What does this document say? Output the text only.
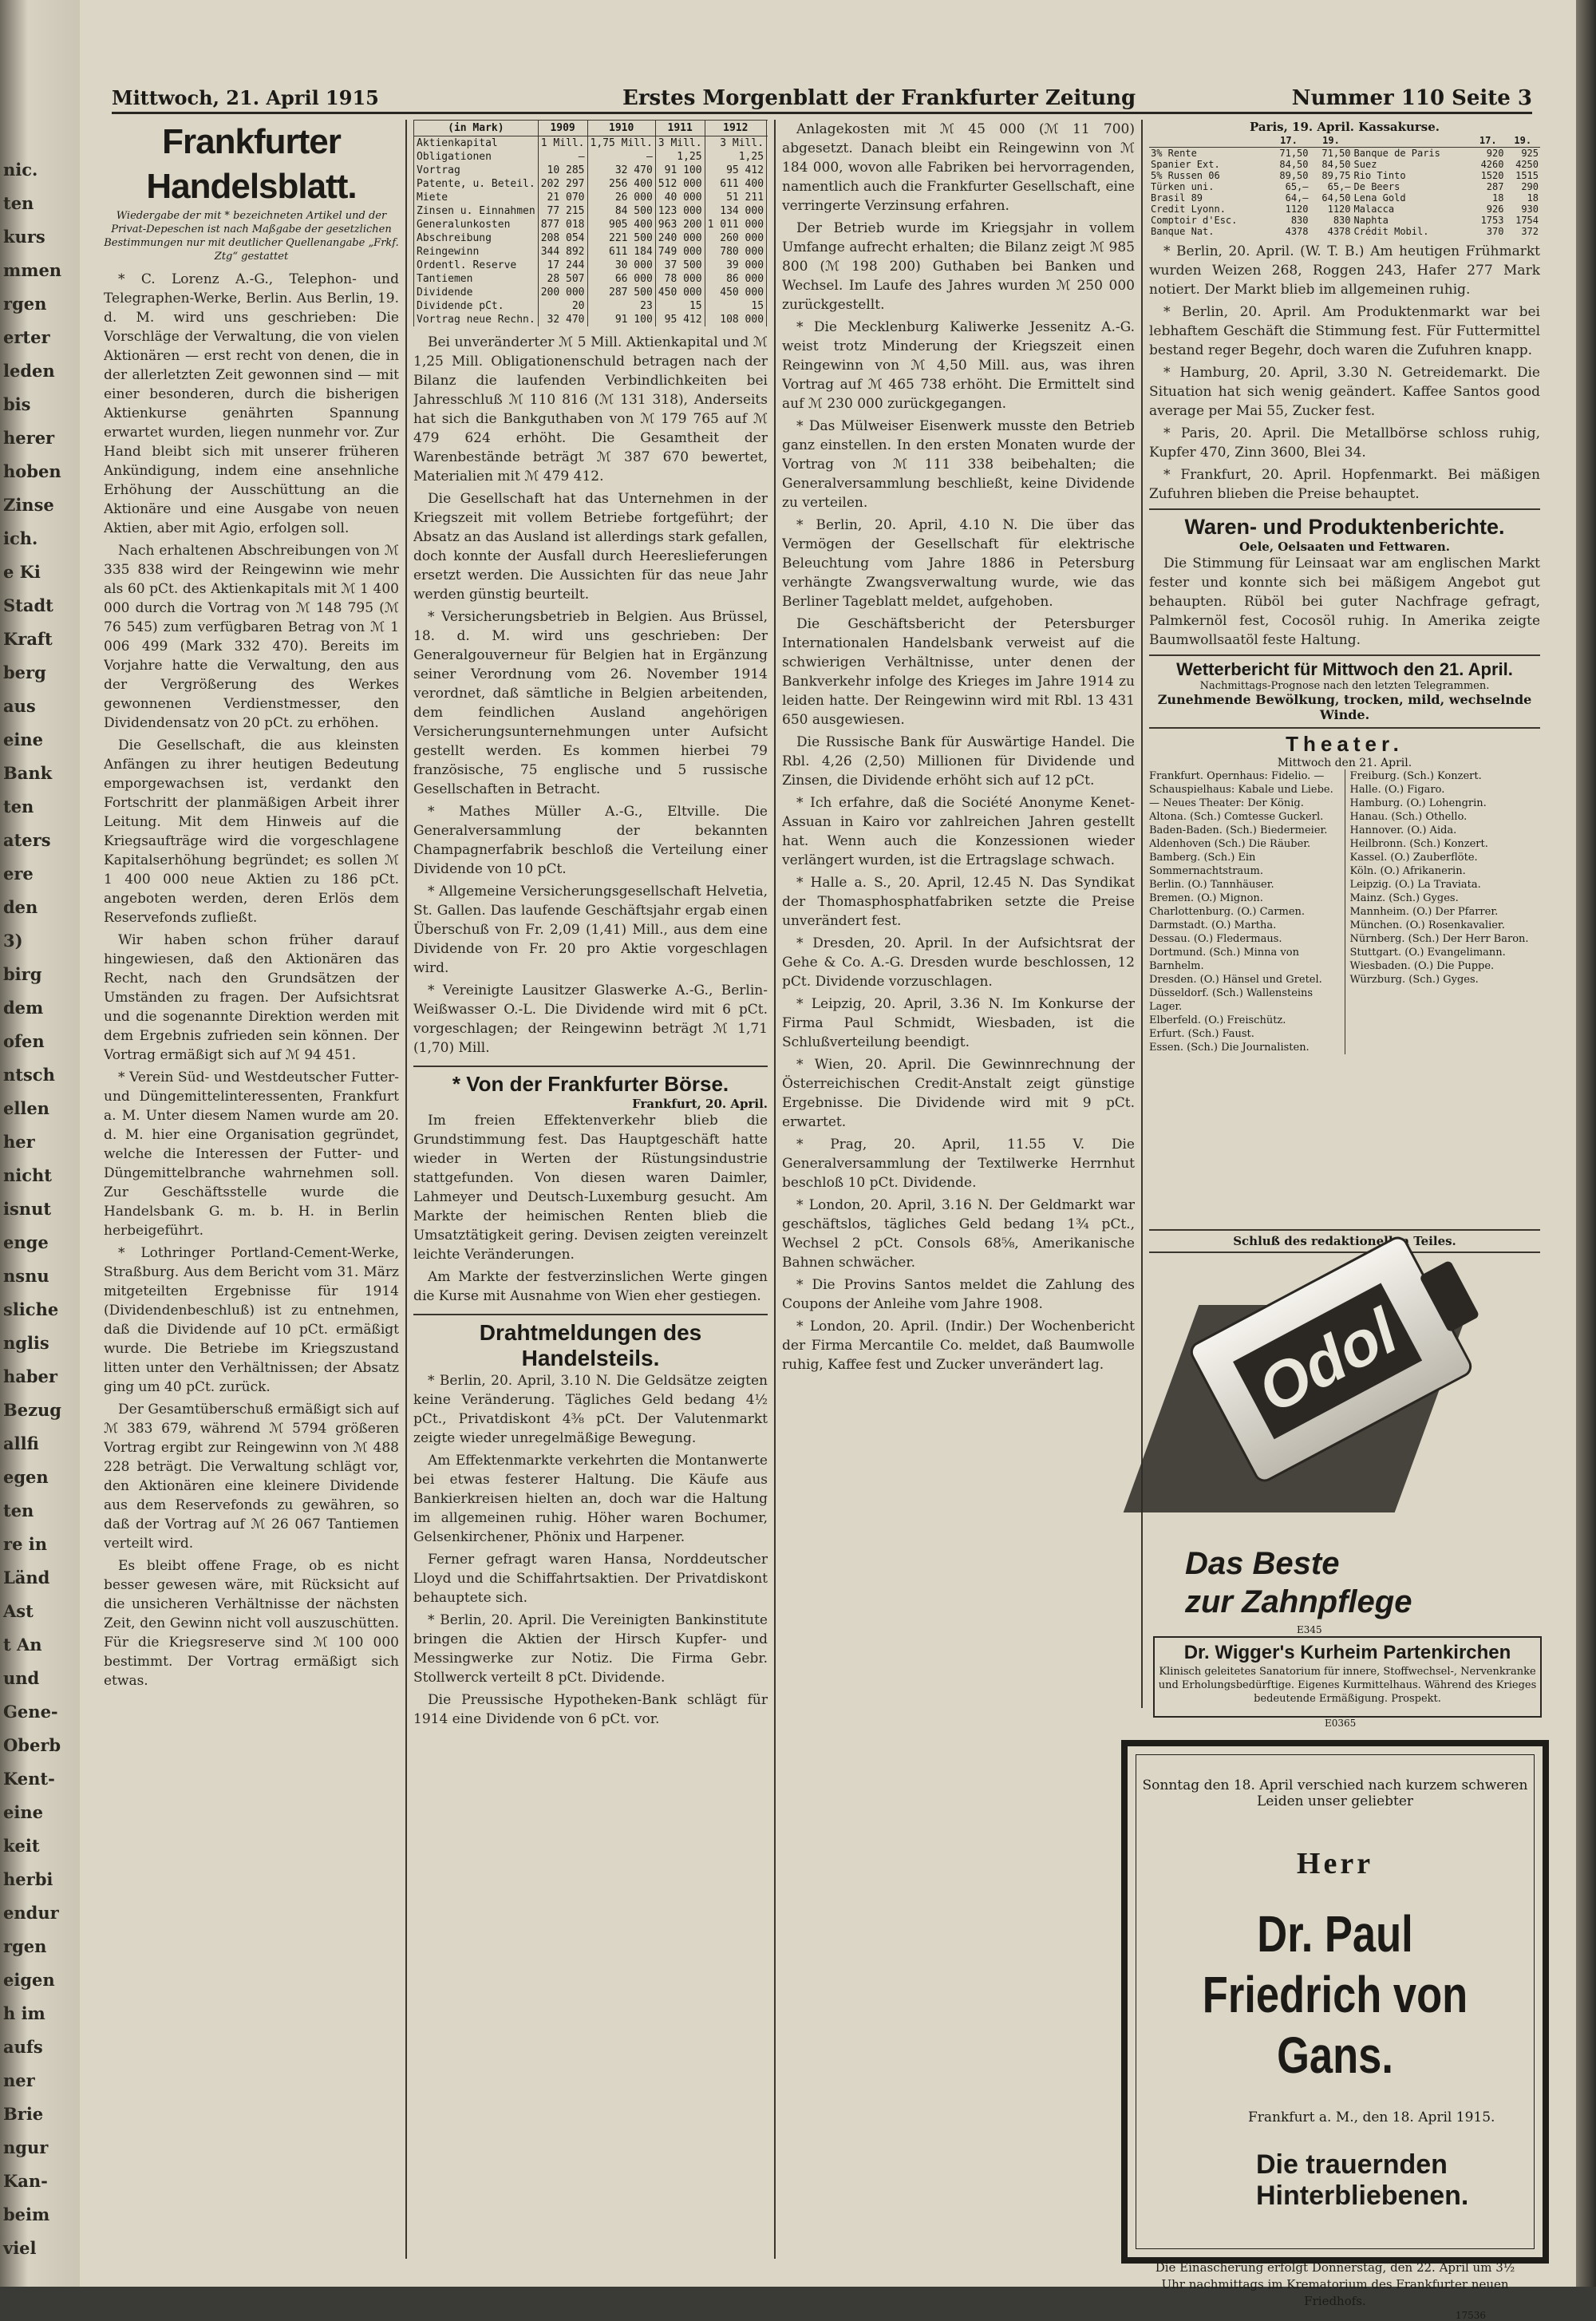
nic.
ten
kurs
mmen
rgen
erter
leden
bis
herer
hoben
Zinse
ich.
e Ki
Stadt
Kraft
berg
aus
eine
Bank
ten
aters
ere
den
3)
birg
dem
ofen
ntsch
ellen
her
nicht
isnut
enge
nsnu
sliche
nglis
haber
Bezug
allfi
egen
ten
re in
Länd
Ast
t An
und
Gene-
Oberb
Kent-
eine
keit
herbi
endur
rgen
eigen
h im
aufs
ner
Brie
ngur
Kan-
beim
viel
Mittwoch, 21. April 1915	Erstes Morgenblatt der Frankfurter Zeitung	Nummer 110 Seite 3
Frankfurter Handelsblatt.
Wiedergabe der mit * bezeichneten Artikel und der Privat-Depeschen ist nach Maßgabe der gesetzlichen Bestimmungen nur mit deutlicher Quellenangabe „Frkf. Ztg“ gestattet

* C. Lorenz A.-G., Telephon- und Telegraphen-Werke, Berlin. Aus Berlin, 19. d. M. wird uns geschrieben: Die Vorschläge der Verwaltung, die von vielen Aktionären — erst recht von denen, die in der allerletzten Zeit gewonnen sind — mit einer besonderen, durch die bisherigen Aktienkurse genährten Spannung erwartet wurden, liegen nunmehr vor. Zur Hand bleibt sich mit unserer früheren Ankündigung, indem eine ansehnliche Erhöhung der Ausschüttung an die Aktionäre und eine Ausgabe von neuen Aktien, aber mit Agio, erfolgen soll.

Nach erhaltenen Abschreibungen von ℳ 335 838 wird der Reingewinn wie mehr als 60 pCt. des Aktienkapitals mit ℳ 1 400 000 durch die Vortrag von ℳ 148 795 (ℳ 76 545) zum verfügbaren Betrag von ℳ 1 006 499 (Mark 332 470). Bereits im Vorjahre hatte die Verwaltung, den aus der Vergrößerung des Werkes gewonnenen Verdienstmesser, den Dividendensatz von 20 pCt. zu erhöhen.

Die Gesellschaft, die aus kleinsten Anfängen zu ihrer heutigen Bedeutung emporgewachsen ist, verdankt den Fortschritt der planmäßigen Arbeit ihrer Leitung. Mit dem Hinweis auf die Kriegsaufträge wird die vorgeschlagene Kapitalserhöhung begründet; es sollen ℳ 1 400 000 neue Aktien zu 186 pCt. angeboten werden, deren Erlös dem Reservefonds zufließt.

Wir haben schon früher darauf hingewiesen, daß den Aktionären das Recht, nach den Grundsätzen der Umständen zu fragen. Der Aufsichtsrat und die sogenannte Direktion werden mit dem Ergebnis zufrieden sein können. Der Vortrag ermäßigt sich auf ℳ 94 451.

* Verein Süd- und Westdeutscher Futter- und Düngemittelinteressenten, Frankfurt a. M. Unter diesem Namen wurde am 20. d. M. hier eine Organisation gegründet, welche die Interessen der Futter- und Düngemittelbranche wahrnehmen soll. Zur Geschäftsstelle wurde die Handelsbank G. m. b. H. in Berlin herbeigeführt.

* Lothringer Portland-Cement-Werke, Straßburg. Aus dem Bericht vom 31. März mitgeteilten Ergebnisse für 1914 (Dividendenbeschluß) ist zu entnehmen, daß die Dividende auf 10 pCt. ermäßigt wurde. Die Betriebe im Kriegszustand litten unter den Verhältnissen; der Absatz ging um 40 pCt. zurück.

Der Gesamtüberschuß ermäßigt sich auf ℳ 383 679, während ℳ 5794 größeren Vortrag ergibt zur Reingewinn von ℳ 488 228 beträgt. Die Verwaltung schlägt vor, den Aktionären eine kleinere Dividende aus dem Reservefonds zu gewähren, so daß der Vortrag auf ℳ 26 067 Tantiemen verteilt wird.

Es bleibt offene Frage, ob es nicht besser gewesen wäre, mit Rücksicht auf die unsicheren Verhältnisse der nächsten Zeit, den Gewinn nicht voll auszuschütten. Für die Kriegsreserve sind ℳ 100 000 bestimmt. Der Vortrag ermäßigt sich etwas.

(in Mark)	1909	1910	1911	1912		
Aktienkapital	1 Mill.	1,75 Mill.	3 Mill.	3 Mill.		
Obligationen	—	—	1,25	1,25		
Vortrag	10 285	32 470	91 100	95 412		
Patente, u. Beteil.	202 297	256 400	512 000	611 400		
Miete	21 070	26 000	40 000	51 211		
Zinsen u. Einnahmen	77 215	84 500	123 000	134 000		
Generalunkosten	877 018	905 400	963 200	1 011 000		
Abschreibung	208 054	221 500	240 000	260 000		
Reingewinn	344 892	611 184	749 000	780 000		
Ordentl. Reserve	17 244	30 000	37 500	39 000		
Tantiemen	28 507	66 000	78 000	86 000		
Dividende	200 000	287 500	450 000	450 000		
Dividende pCt.	20	23	15	15		
Vortrag neue Rechn.	32 470	91 100	95 412	108 000		

Bei unveränderter ℳ 5 Mill. Aktienkapital und ℳ 1,25 Mill. Obligationenschuld betragen nach der Bilanz die laufenden Verbindlichkeiten bei Jahresschluß ℳ 110 816 (ℳ 131 318), Anderseits hat sich die Bankguthaben von ℳ 179 765 auf ℳ 479 624 erhöht. Die Gesamtheit der Warenbestände beträgt ℳ 387 670 bewertet, Materialien mit ℳ 479 412.

Die Gesellschaft hat das Unternehmen in der Kriegszeit mit vollem Betriebe fortgeführt; der Absatz an das Ausland ist allerdings stark gefallen, doch konnte der Ausfall durch Heereslieferungen ersetzt werden. Die Aussichten für das neue Jahr werden günstig beurteilt.

* Versicherungsbetrieb in Belgien. Aus Brüssel, 18. d. M. wird uns geschrieben: Der Generalgouverneur für Belgien hat in Ergänzung seiner Verordnung vom 26. November 1914 verordnet, daß sämtliche in Belgien arbeitenden, dem feindlichen Ausland angehörigen Versicherungsunternehmungen unter Aufsicht gestellt werden. Es kommen hierbei 79 französische, 75 englische und 5 russische Gesellschaften in Betracht.

* Mathes Müller A.-G., Eltville. Die Generalversammlung der bekannten Champagnerfabrik beschloß die Verteilung einer Dividende von 10 pCt.

* Allgemeine Versicherungsgesellschaft Helvetia, St. Gallen. Das laufende Geschäftsjahr ergab einen Überschuß von Fr. 2,09 (1,41) Mill., aus dem eine Dividende von Fr. 20 pro Aktie vorgeschlagen wird.

* Vereinigte Lausitzer Glaswerke A.-G., Berlin-Weißwasser O.-L. Die Dividende wird mit 6 pCt. vorgeschlagen; der Reingewinn beträgt ℳ 1,71 (1,70) Mill.

* Von der Frankfurter Börse.
Frankfurt, 20. April.

Im freien Effektenverkehr blieb die Grundstimmung fest. Das Hauptgeschäft hatte wieder in Werten der Rüstungsindustrie stattgefunden. Von diesen waren Daimler, Lahmeyer und Deutsch-Luxemburg gesucht. Am Markte der heimischen Renten blieb die Umsatztätigkeit gering. Devisen zeigten vereinzelt leichte Veränderungen.

Am Markte der festverzinslichen Werte gingen die Kurse mit Ausnahme von Wien eher gestiegen.

Drahtmeldungen des Handelsteils.

* Berlin, 20. April, 3.10 N. Die Geldsätze zeigten keine Veränderung. Tägliches Geld bedang 4½ pCt., Privatdiskont 4⅜ pCt. Der Valutenmarkt zeigte wieder unregelmäßige Bewegung.

Am Effektenmarkte verkehrten die Montanwerte bei etwas festerer Haltung. Die Käufe aus Bankierkreisen hielten an, doch war die Haltung im allgemeinen ruhig. Höher waren Bochumer, Gelsenkirchener, Phönix und Harpener.

Ferner gefragt waren Hansa, Norddeutscher Lloyd und die Schiffahrtsaktien. Der Privatdiskont behauptete sich.

* Berlin, 20. April. Die Vereinigten Bankinstitute bringen die Aktien der Hirsch Kupfer- und Messingwerke zur Notiz. Die Firma Gebr. Stollwerck verteilt 8 pCt. Dividende.

Die Preussische Hypotheken-Bank schlägt für 1914 eine Dividende von 6 pCt. vor.

Anlagekosten mit ℳ 45 000 (ℳ 11 700) abgesetzt. Danach bleibt ein Reingewinn von ℳ 184 000, wovon alle Fabriken bei hervorragenden, namentlich auch die Frankfurter Gesellschaft, eine verringerte Verzinsung erfahren.

Der Betrieb wurde im Kriegsjahr in vollem Umfange aufrecht erhalten; die Bilanz zeigt ℳ 985 800 (ℳ 198 200) Guthaben bei Banken und Wechsel. Im Laufe des Jahres wurden ℳ 250 000 zurückgestellt.

* Die Mecklenburg Kaliwerke Jessenitz A.-G. weist trotz Minderung der Kriegszeit einen Reingewinn von ℳ 4,50 Mill. aus, was ihren Vortrag auf ℳ 465 738 erhöht. Die Ermittelt sind auf ℳ 230 000 zurückgegangen.

* Das Mülweiser Eisenwerk musste den Betrieb ganz einstellen. In den ersten Monaten wurde der Vortrag von ℳ 111 338 beibehalten; die Generalversammlung beschließt, keine Dividende zu verteilen.

* Berlin, 20. April, 4.10 N. Die über das Vermögen der Gesellschaft für elektrische Beleuchtung vom Jahre 1886 in Petersburg verhängte Zwangsverwaltung wurde, wie das Berliner Tageblatt meldet, aufgehoben.

Die Geschäftsbericht der Petersburger Internationalen Handelsbank verweist auf die schwierigen Verhältnisse, unter denen der Bankverkehr infolge des Krieges im Jahre 1914 zu leiden hatte. Der Reingewinn wird mit Rbl. 13 431 650 ausgewiesen.

Die Russische Bank für Auswärtige Handel. Die Rbl. 4,26 (2,50) Millionen für Dividende und Zinsen, die Dividende erhöht sich auf 12 pCt.

* Ich erfahre, daß die Société Anonyme Kenet-Assuan in Kairo vor zahlreichen Jahren gestellt hat. Wenn auch die Konzessionen wieder verlängert wurden, ist die Ertragslage schwach.

* Halle a. S., 20. April, 12.45 N. Das Syndikat der Thomasphosphatfabriken setzte die Preise unverändert fest.

* Dresden, 20. April. In der Aufsichtsrat der Gehe & Co. A.-G. Dresden wurde beschlossen, 12 pCt. Dividende vorzuschlagen.

* Leipzig, 20. April, 3.36 N. Im Konkurse der Firma Paul Schmidt, Wiesbaden, ist die Schlußverteilung beendigt.

* Wien, 20. April. Die Gewinnrechnung der Österreichischen Credit-Anstalt zeigt günstige Ergebnisse. Die Dividende wird mit 9 pCt. erwartet.

* Prag, 20. April, 11.55 V. Die Generalversammlung der Textilwerke Herrnhut beschloß 10 pCt. Dividende.

* London, 20. April, 3.16 N. Der Geldmarkt war geschäftslos, tägliches Geld bedang 1¾ pCt., Wechsel 2 pCt. Consols 68⅝, Amerikanische Bahnen schwächer.

* Die Provins Santos meldet die Zahlung des Coupons der Anleihe vom Jahre 1908.

* London, 20. April. (Indir.) Der Wochenbericht der Firma Mercantile Co. meldet, daß Baumwolle ruhig, Kaffee fest und Zucker unverändert lag.

Paris, 19. April. Kassakurse.
	17.	19.		17.	19.
3% Rente	71,50	71,50	Banque de Paris	920	925
Spanier Ext.	84,50	84,50	Suez	4260	4250
5% Russen 06	89,50	89,75	Rio Tinto	1520	1515
Türken uni.	65,—	65,—	De Beers	287	290
Brasil 89	64,—	64,50	Lena Gold	18	18
Credit Lyonn.	1120	1120	Malacca	926	930
Comptoir d'Esc.	830	830	Naphta	1753	1754
Banque Nat.	4378	4378	Crédit Mobil.	370	372

* Berlin, 20. April. (W. T. B.) Am heutigen Frühmarkt wurden Weizen 268, Roggen 243, Hafer 277 Mark notiert. Der Markt blieb im allgemeinen ruhig.

* Berlin, 20. April. Am Produktenmarkt war bei lebhaftem Geschäft die Stimmung fest. Für Futtermittel bestand reger Begehr, doch waren die Zufuhren knapp.

* Hamburg, 20. April, 3.30 N. Getreidemarkt. Die Situation hat sich wenig geändert. Kaffee Santos good average per Mai 55, Zucker fest.

* Paris, 20. April. Die Metallbörse schloss ruhig, Kupfer 470, Zinn 3600, Blei 34.

* Frankfurt, 20. April. Hopfenmarkt. Bei mäßigen Zufuhren blieben die Preise behauptet.

Waren- und Produktenberichte.
Oele, Oelsaaten und Fettwaren.

Die Stimmung für Leinsaat war am englischen Markt fester und konnte sich bei mäßigem Angebot gut behaupten. Rüböl bei guter Nachfrage gefragt, Palmkernöl fest, Cocosöl ruhig. In Amerika zeigte Baumwollsaatöl feste Haltung.

Wetterbericht für Mittwoch den 21. April.
Nachmittags-Prognose nach den letzten Telegrammen.
Zunehmende Bewölkung, trocken, mild, wechselnde Winde.
Theater.
Mittwoch den 21. April.
Frankfurt. Opernhaus: Fidelio. — Schauspielhaus: Kabale und Liebe. — Neues Theater: Der König.
Altona. (Sch.) Comtesse Guckerl.
Baden-Baden. (Sch.) Biedermeier.
Aldenhoven (Sch.) Die Räuber.
Bamberg. (Sch.) Ein Sommernachtstraum.
Berlin. (O.) Tannhäuser.
Bremen. (O.) Mignon.
Charlottenburg. (O.) Carmen.
Darmstadt. (O.) Martha.
Dessau. (O.) Fledermaus.
Dortmund. (Sch.) Minna von Barnhelm.
Dresden. (O.) Hänsel und Gretel.
Düsseldorf. (Sch.) Wallensteins Lager.
Elberfeld. (O.) Freischütz.
Erfurt. (Sch.) Faust.
Essen. (Sch.) Die Journalisten.
Freiburg. (Sch.) Konzert.
Halle. (O.) Figaro.
Hamburg. (O.) Lohengrin.
Hanau. (Sch.) Othello.
Hannover. (O.) Aida.
Heilbronn. (Sch.) Konzert.
Kassel. (O.) Zauberflöte.
Köln. (O.) Afrikanerin.
Leipzig. (O.) La Traviata.
Mainz. (Sch.) Gyges.
Mannheim. (O.) Der Pfarrer.
München. (O.) Rosenkavalier.
Nürnberg. (Sch.) Der Herr Baron.
Stuttgart. (O.) Evangelimann.
Wiesbaden. (O.) Die Puppe.
Würzburg. (Sch.) Gyges.
Schluß des redaktionellen Teiles.
Odol
Das Beste
zur Zahnpflege
E345
Dr. Wigger's Kurheim Partenkirchen
Klinisch geleitetes Sanatorium für innere, Stoffwechsel-, Nervenkranke und Erholungsbedürftige. Eigenes Kurmittelhaus. Während des Krieges bedeutende Ermäßigung. Prospekt.
E0365
Sonntag den 18. April verschied nach kurzem schweren Leiden unser geliebter
Herr
Dr. Paul Friedrich von Gans.
Frankfurt a. M., den 18. April 1915.
Die trauernden Hinterbliebenen.
Die Einäscherung erfolgt Donnerstag, den 22. April um 3½ Uhr nachmittags im Krematorium des Frankfurter neuen Friedhofs.
17536
